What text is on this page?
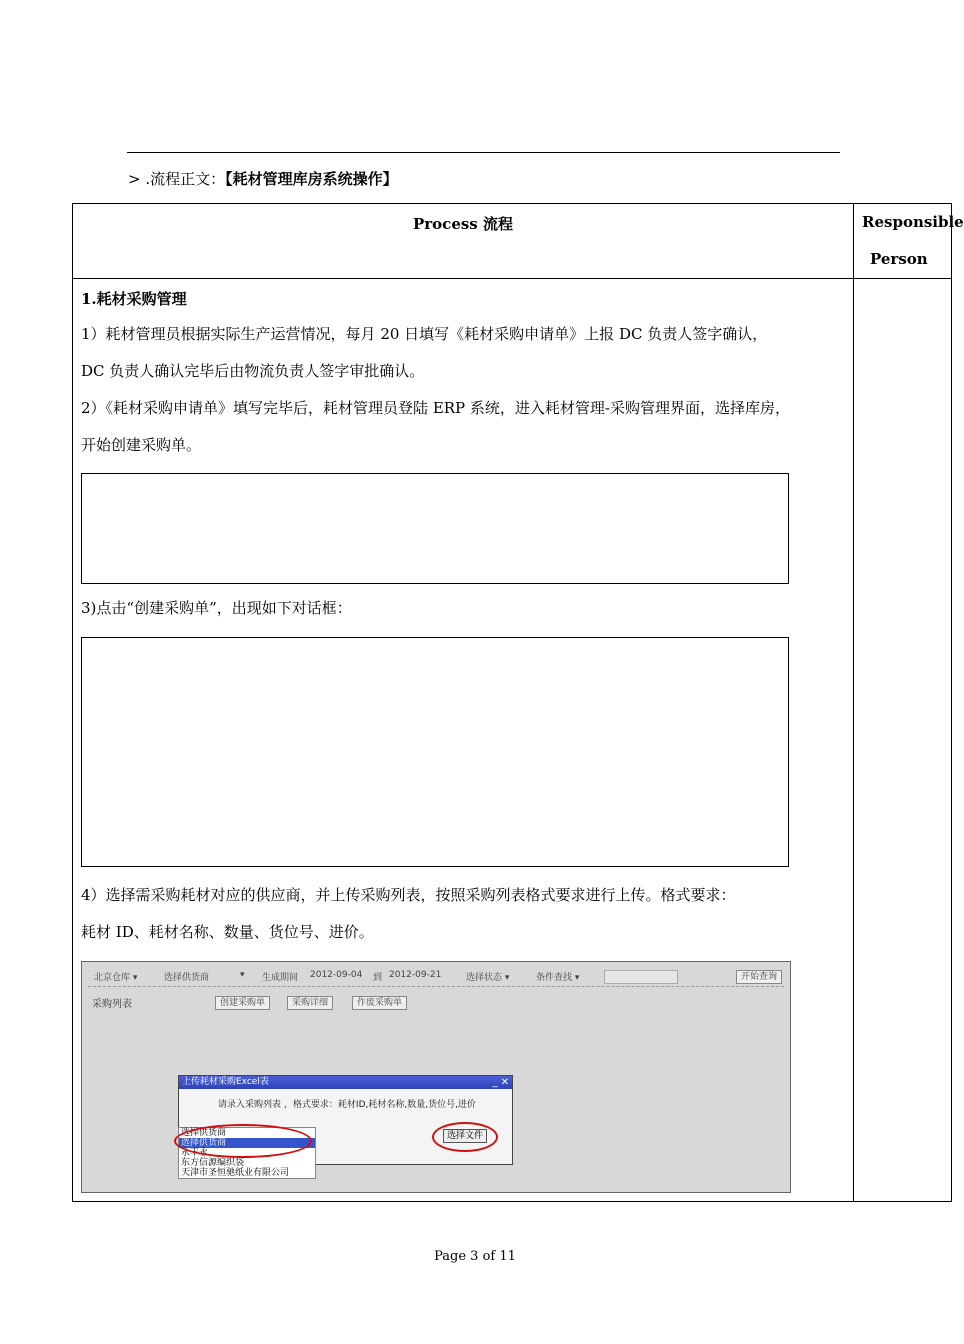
> .流程正文：【耗材管理库房系统操作】
Process 流程	Responsible
Person
1.耗材采购管理
1）耗材管理员根据实际生产运营情况，每月 20 日填写《耗材采购申请单》上报 DC 负责人签字确认，
DC 负责人确认完毕后由物流负责人签字审批确认。
2）《耗材采购申请单》填写完毕后，耗材管理员登陆 ERP 系统，进入耗材管理-采购管理界面，选择库房，
开始创建采购单。
3)点击“创建采购单”，出现如下对话框：
4）选择需采购耗材对应的供应商，并上传采购列表，按照采购列表格式要求进行上传。格式要求：
耗材 ID、耗材名称、数量、货位号、进价。
北京仓库 ▾	选择供货商	▾ 生成期间 2012-09-04 到 2012-09-21	选择状态 ▾	条件查找 ▾	开始查询
采购列表	创建采购单	采购详细	作废采购单
上传耗材采购Excel表	_ ✕
请录入采购列表 ，格式要求：耗材ID,耗材名称,数量,货位号,进价
选择文件
选择供货商
选择供货商
永丰永
东方信源编织袋
天津市圣恒驰纸业有限公司
Page 3 of 11
